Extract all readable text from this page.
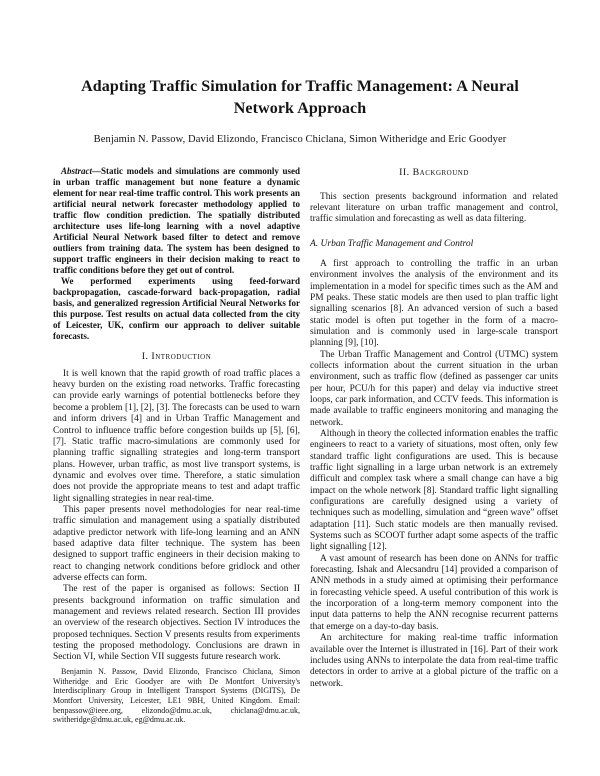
Adapting Traffic Simulation for Traffic Management: A Neural Network Approach
Benjamin N. Passow, David Elizondo, Francisco Chiclana, Simon Witheridge and Eric Goodyer

Abstract—Static models and simulations are commonly used in urban traffic management but none feature a dynamic element for near real-time traffic control. This work presents an artificial neural network forecaster methodology applied to traffic flow condition prediction. The spatially distributed architecture uses life-long learning with a novel adaptive Artificial Neural Network based filter to detect and remove outliers from training data. The system has been designed to support traffic engineers in their decision making to react to traffic conditions before they get out of control.

We performed experiments using feed-forward backpropagation, cascade-forward back-propagation, radial basis, and generalized regression Artificial Neural Networks for this purpose. Test results on actual data collected from the city of Leicester, UK, confirm our approach to deliver suitable forecasts.

I. Introduction

It is well known that the rapid growth of road traffic places a heavy burden on the existing road networks. Traffic forecasting can provide early warnings of potential bottlenecks before they become a problem [1], [2], [3]. The forecasts can be used to warn and inform drivers [4] and in Urban Traffic Management and Control to influence traffic before congestion builds up [5], [6], [7]. Static traffic macro-simulations are commonly used for planning traffic signalling strategies and long-term transport plans. However, urban traffic, as most live transport systems, is dynamic and evolves over time. Therefore, a static simulation does not provide the appropriate means to test and adapt traffic light signalling strategies in near real-time.

This paper presents novel methodologies for near real-time traffic simulation and management using a spatially distributed adaptive predictor network with life-long learning and an ANN based adaptive data filter technique. The system has been designed to support traffic engineers in their decision making to react to changing network conditions before gridlock and other adverse effects can form.

The rest of the paper is organised as follows: Section II presents background information on traffic simulation and management and reviews related research. Section III provides an overview of the research objectives. Section IV introduces the proposed techniques. Section V presents results from experiments testing the proposed methodology. Conclusions are drawn in Section VI, while Section VII suggests future research work.

Benjamin N. Passow, David Elizondo, Francisco Chiclana, Simon Witheridge and Eric Goodyer are with De Montfort University's Interdisciplinary Group in Intelligent Transport Systems (DIGITS), De Montfort University, Leicester, LE1 9BH, United Kingdom. Email: benpassow@ieee.org, elizondo@dmu.ac.uk, chiclana@dmu.ac.uk, switheridge@dmu.ac.uk, eg@dmu.ac.uk.
II. Background

This section presents background information and related relevant literature on urban traffic management and control, traffic simulation and forecasting as well as data filtering.

A. Urban Traffic Management and Control

A first approach to controlling the traffic in an urban environment involves the analysis of the environment and its implementation in a model for specific times such as the AM and PM peaks. These static models are then used to plan traffic light signalling scenarios [8]. An advanced version of such a based static model is often put together in the form of a macro-simulation and is commonly used in large-scale transport planning [9], [10].

The Urban Traffic Management and Control (UTMC) system collects information about the current situation in the urban environment, such as traffic flow (defined as passenger car units per hour, PCU/h for this paper) and delay via inductive street loops, car park information, and CCTV feeds. This information is made available to traffic engineers monitoring and managing the network.

Although in theory the collected information enables the traffic engineers to react to a variety of situations, most often, only few standard traffic light configurations are used. This is because traffic light signalling in a large urban network is an extremely difficult and complex task where a small change can have a big impact on the whole network [8]. Standard traffic light signalling configurations are carefully designed using a variety of techniques such as modelling, simulation and “green wave” offset adaptation [11]. Such static models are then manually revised. Systems such as SCOOT further adapt some aspects of the traffic light signalling [12].

A vast amount of research has been done on ANNs for traffic forecasting. Ishak and Alecsandru [14] provided a comparison of ANN methods in a study aimed at optimising their performance in forecasting vehicle speed. A useful contribution of this work is the incorporation of a long-term memory component into the input data patterns to help the ANN recognise recurrent patterns that emerge on a day-to-day basis.

An architecture for making real-time traffic information available over the Internet is illustrated in [16]. Part of their work includes using ANNs to interpolate the data from real-time traffic detectors in order to arrive at a global picture of the traffic on a network.
